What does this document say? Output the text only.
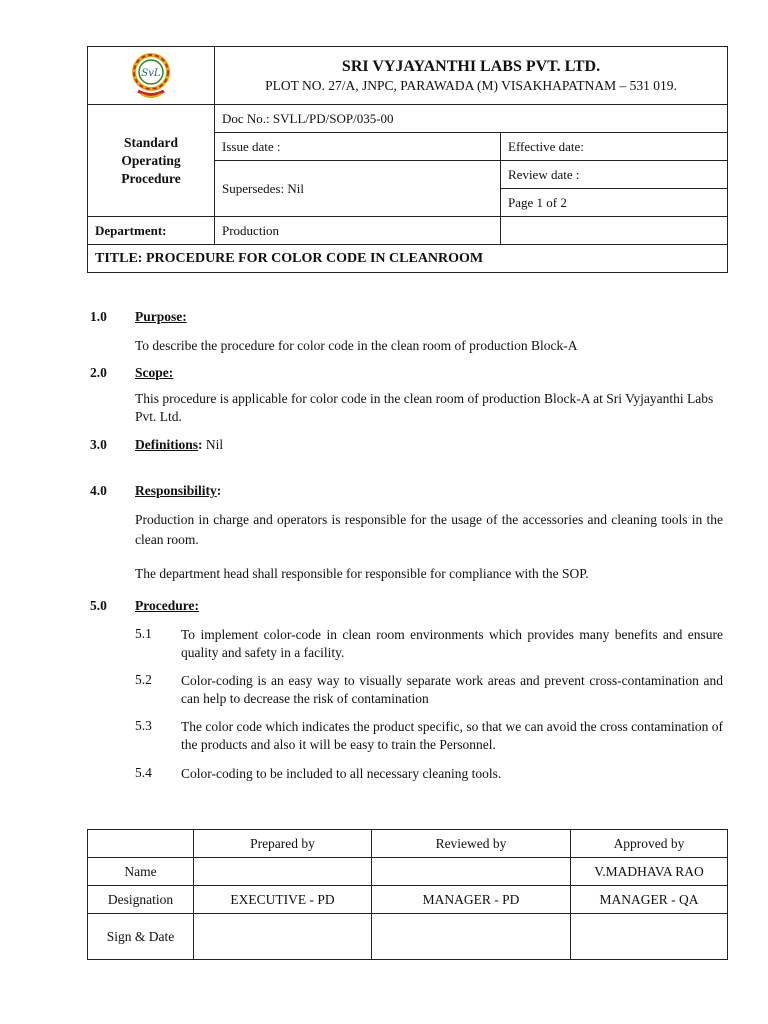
SvL	SRI VYJAYANTHI LABS PVT. LTD.
PLOT NO. 27/A, JNPC, PARAWADA (M) VISAKHAPATNAM – 531 019.	

Standard
Operating
Procedure	Doc No.: SVLL/PD/SOP/035-00	
	Issue date :	Effective date:
	Supersedes: Nil	Review date :
		Page 1 of 2
Department:	Production	
TITLE: PROCEDURE FOR COLOR CODE IN CLEANROOM		
1.0 Purpose:
To describe the procedure for color code in the clean room of production Block-A
2.0 Scope:
This procedure is applicable for color code in the clean room of production Block-A at Sri Vyjayanthi Labs Pvt. Ltd.
3.0 Definitions: Nil
4.0 Responsibility:
Production in charge and operators is responsible for the usage of the accessories and cleaning tools in the clean room.
The department head shall responsible for responsible for compliance with the SOP.
5.0 Procedure:
5.1 To implement color-code in clean room environments which provides many benefits and ensure quality and safety in a facility.
5.2 Color-coding is an easy way to visually separate work areas and prevent cross-contamination and can help to decrease the risk of contamination
5.3 The color code which indicates the product specific, so that we can avoid the cross contamination of the products and also it will be easy to train the Personnel.
5.4 Color-coding to be included to all necessary cleaning tools.
	Prepared by	Reviewed by	Approved by
Name			V.MADHAVA RAO
Designation	EXECUTIVE - PD	MANAGER - PD	MANAGER - QA
Sign & Date			
